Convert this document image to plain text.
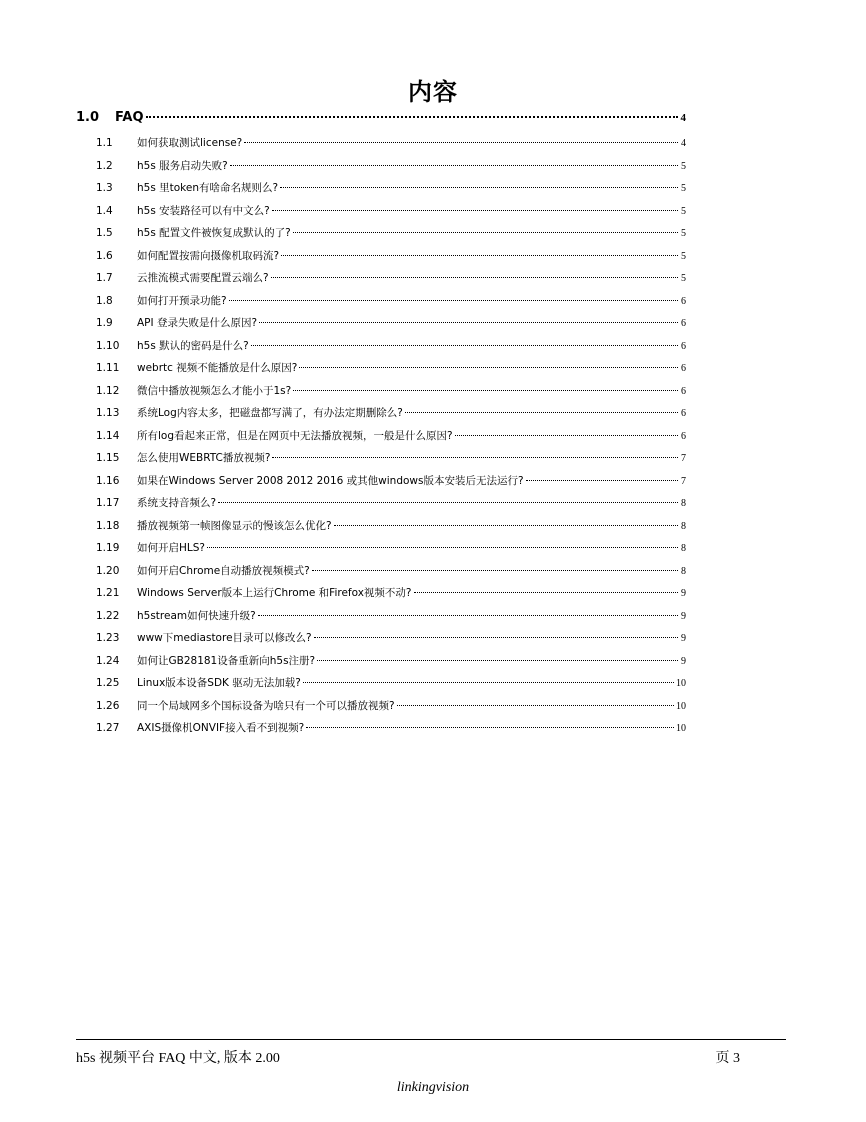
内容
1.0	FAQ	4
1.1	如何获取测试license?	4
1.2	h5s 服务启动失败?	5
1.3	h5s 里token有啥命名规则么?	5
1.4	h5s 安装路径可以有中文么?	5
1.5	h5s 配置文件被恢复成默认的了?	5
1.6	如何配置按需向摄像机取码流?	5
1.7	云推流模式需要配置云端么?	5
1.8	如何打开预录功能?	6
1.9	API 登录失败是什么原因?	6
1.10	h5s 默认的密码是什么?	6
1.11	webrtc 视频不能播放是什么原因?	6
1.12	微信中播放视频怎么才能小于1s?	6
1.13	系统Log内容太多，把磁盘都写满了，有办法定期删除么?	6
1.14	所有log看起来正常，但是在网页中无法播放视频，一般是什么原因?	6
1.15	怎么使用WEBRTC播放视频?	7
1.16	如果在Windows Server 2008 2012 2016 或其他windows版本安装后无法运行?	7
1.17	系统支持音频么?	8
1.18	播放视频第一帧图像显示的慢该怎么优化?	8
1.19	如何开启HLS?	8
1.20	如何开启Chrome自动播放视频模式?	8
1.21	Windows Server版本上运行Chrome 和Firefox视频不动?	9
1.22	h5stream如何快速升级?	9
1.23	www下mediastore目录可以修改么?	9
1.24	如何让GB28181设备重新向h5s注册?	9
1.25	Linux版本设备SDK 驱动无法加载?	10
1.26	同一个局域网多个国标设备为啥只有一个可以播放视频?	10
1.27	AXIS摄像机ONVIF接入看不到视频?	10
h5s 视频平台 FAQ 中文, 版本 2.00	页 3
linkingvision
